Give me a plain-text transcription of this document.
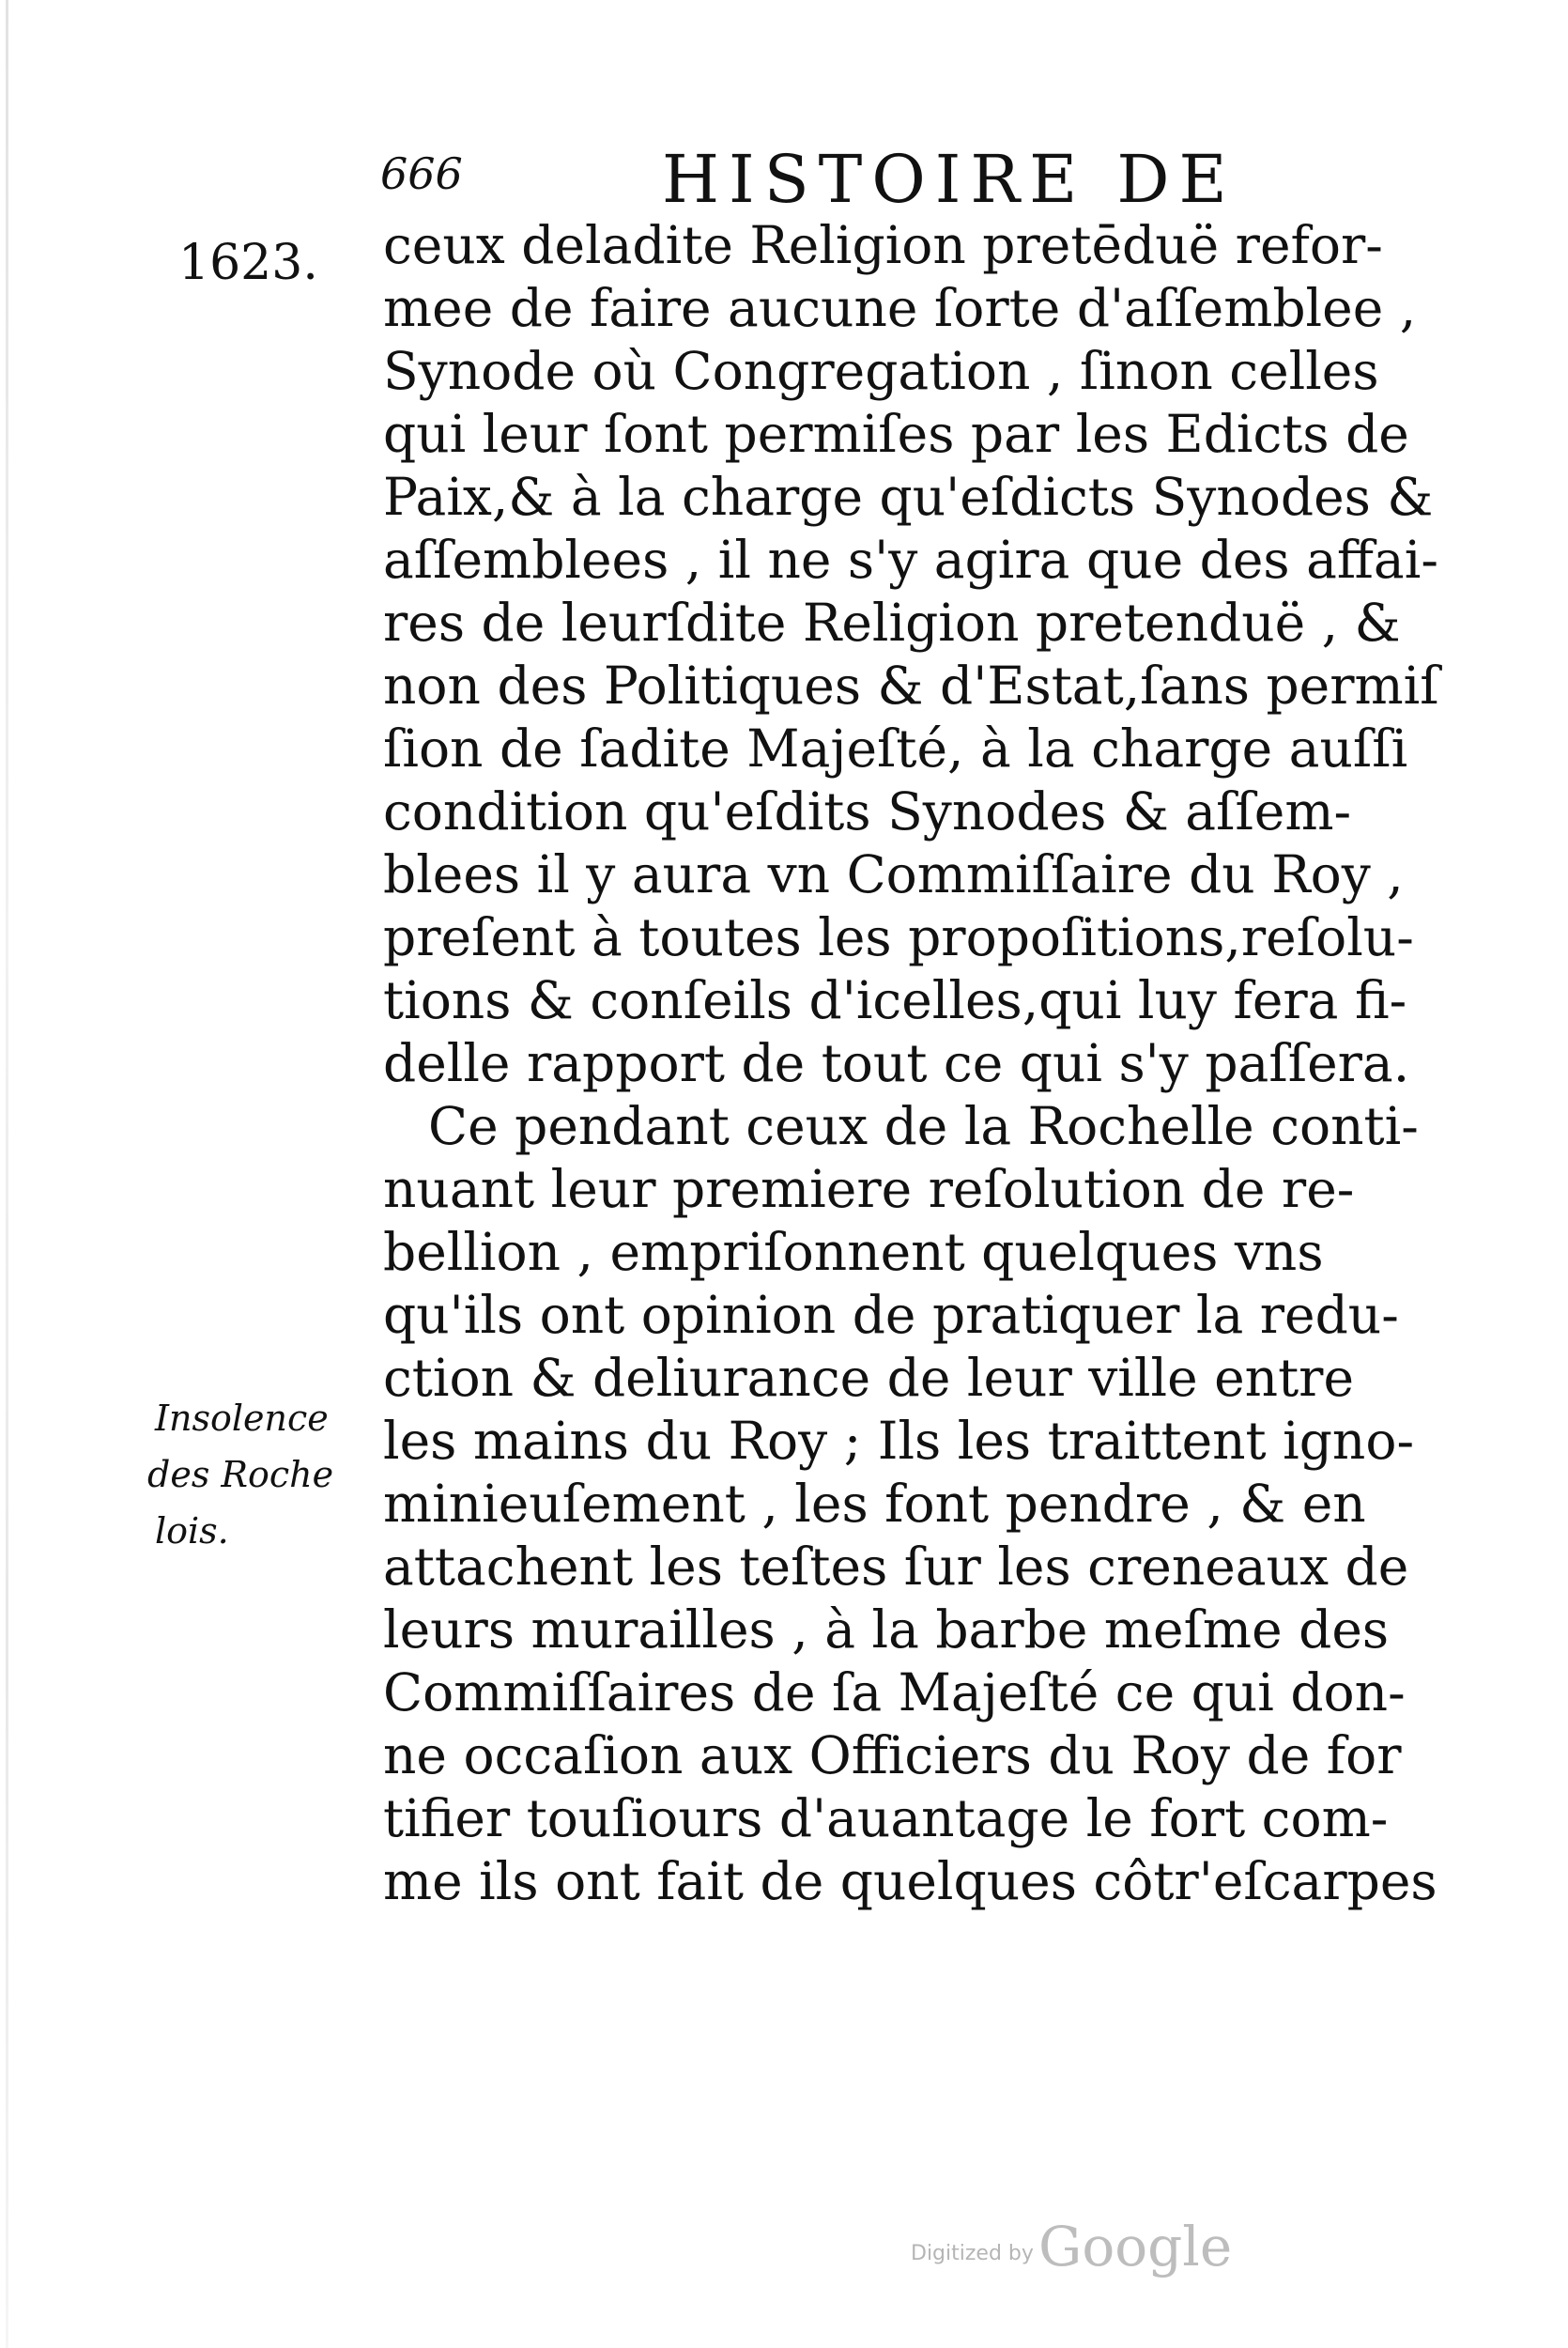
666	HISTOIRE DE
1623. ceux deladite Religion pretēduë refor-
mee de faire aucune ſorte d'aſſemblee ,
Synode où Congregation , ſinon celles
qui leur ſont permiſes par les Edicts de
Paix,& à la charge qu'eſdicts Synodes &
aſſemblees , il ne s'y agira que des affai-
res de leurſdite Religion pretenduë , &
non des Politiques & d'Estat,ſans permiſ
ſion de ſadite Majeſté, à la charge auſſi
condition qu'eſdits Synodes & aſſem-
blees il y aura vn Commiſſaire du Roy ,
preſent à toutes les propoſitions,reſolu-
tions & conſeils d'icelles,qui luy fera fi-
delle rapport de tout ce qui s'y paſſera.
Ce pendant ceux de la Rochelle conti-
nuant leur premiere reſolution de re-
bellion , empriſonnent quelques vns
qu'ils ont opinion de pratiquer la redu-
ction & deliurance de leur ville entre
les mains du Roy ; Ils les traittent igno-
minieuſement , les font pendre , & en
attachent les teſtes ſur les creneaux de
leurs murailles , à la barbe meſme des
Commiſſaires de ſa Majeſté ce qui don-
ne occaſion aux Officiers du Roy de for
tifier touſiours d'auantage le fort com-
me ils ont fait de quelques côtr'eſcarpes
Insolence
des Roche
lois.
Digitized by Google
